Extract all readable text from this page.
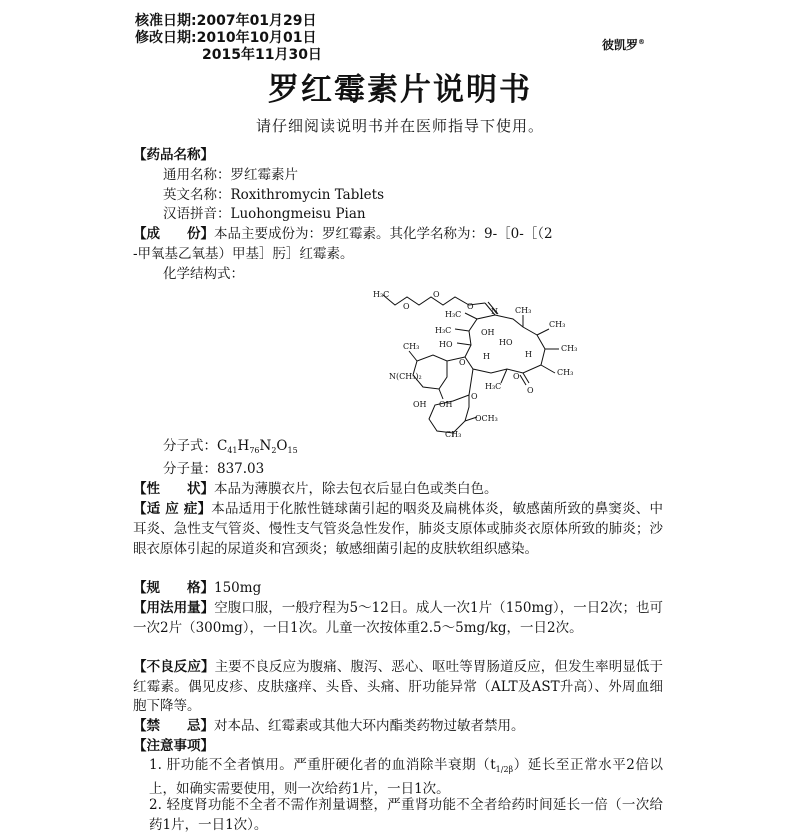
核准日期:2007年01月29日
修改日期:2010年10月01日
2015年11月30日
彼凯罗®
罗红霉素片说明书
请仔细阅读说明书并在医师指导下使用。
【药品名称】
通用名称：罗红霉素片
英文名称：Roxithromycin Tablets
汉语拼音：Luohongmeisu Pian
【成　　份】本品主要成份为：罗红霉素。其化学名称为：9-［0-［（2
-甲氧基乙氧基）甲基］肟］红霉素。
化学结构式：
H₃C
O
O
O
N
H₃C
H₃C
HO	HO
OH
CH₃
CH₃
CH₃
H	H
N(CH₃)₂
OH
OCH₃
CH₃
OH
CH₃
H₃C
CH₃
O
O
O
O
分子式：$C_{41}H_{76}N_2O_{15}$
分子量：837.03
【性　　状】本品为薄膜衣片，除去包衣后显白色或类白色。
【适 应 症】本品适用于化脓性链球菌引起的咽炎及扁桃体炎，敏感菌所致的鼻窦炎、中耳炎、急性支气管炎、慢性支气管炎急性发作，肺炎支原体或肺炎衣原体所致的肺炎；沙眼衣原体引起的尿道炎和宫颈炎；敏感细菌引起的皮肤软组织感染。
【规　　格】150mg
【用法用量】空腹口服，一般疗程为5～12日。成人一次1片（150mg），一日2次；也可一次2片（300mg），一日1次。儿童一次按体重2.5～5mg/kg，一日2次。
【不良反应】主要不良反应为腹痛、腹泻、恶心、呕吐等胃肠道反应，但发生率明显低于红霉素。偶见皮疹、皮肤瘙痒、头昏、头痛、肝功能异常（ALT及AST升高）、外周血细胞下降等。
【禁　　忌】对本品、红霉素或其他大环内酯类药物过敏者禁用。
【注意事项】
1. 肝功能不全者慎用。严重肝硬化者的血消除半衰期$(t_{1/2\beta})$延长至正常水平2倍以上，如确实需要使用，则一次给药1片，一日1次。
2. 轻度肾功能不全者不需作剂量调整，严重肾功能不全者给药时间延长一倍（一次给药1片，一日1次）。
